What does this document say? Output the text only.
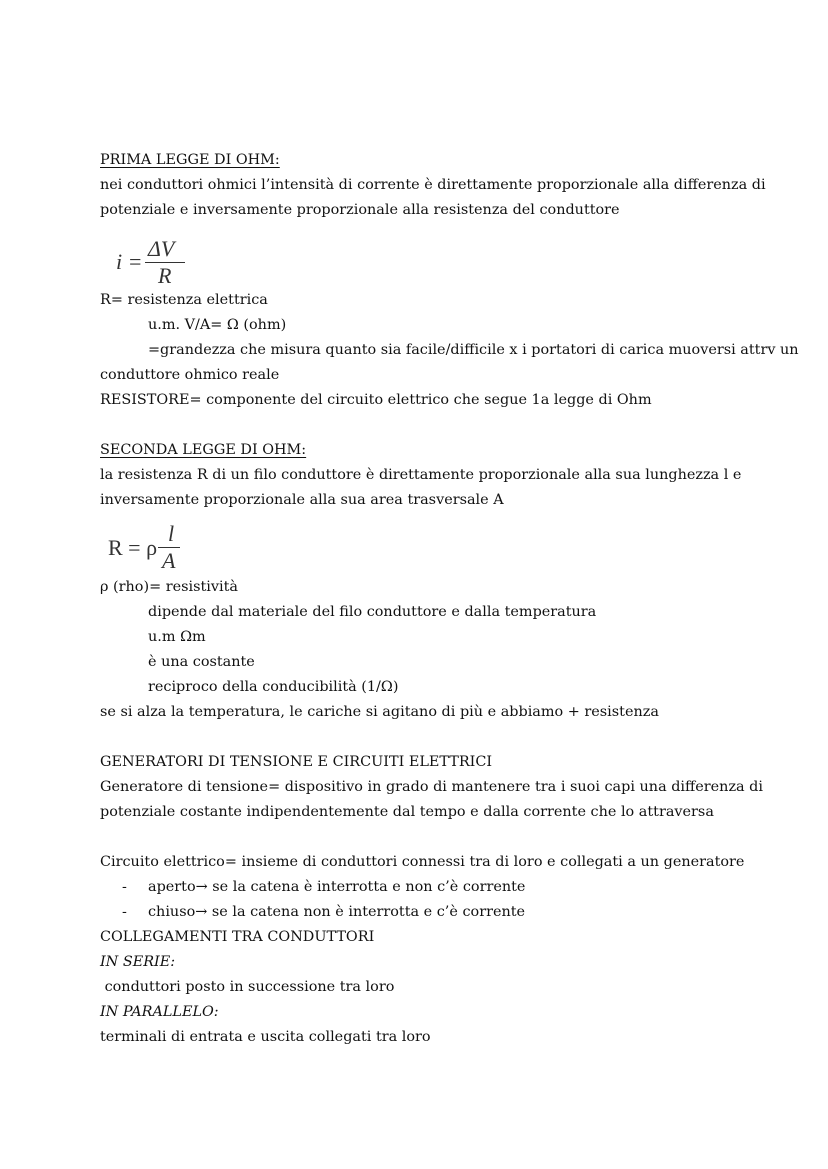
PRIMA LEGGE DI OHM:
nei conduttori ohmici l’intensità di corrente è direttamente proporzionale alla differenza di
potenziale e inversamente proporzionale alla resistenza del conduttore
i =
ΔV
R
R= resistenza elettrica
u.m. V/A= Ω (ohm)
=grandezza che misura quanto sia facile/difficile x i portatori di carica muoversi attrv un
conduttore ohmico reale
RESISTORE= componente del circuito elettrico che segue 1a legge di Ohm
SECONDA LEGGE DI OHM:
la resistenza R di un filo conduttore è direttamente proporzionale alla sua lunghezza l e
inversamente proporzionale alla sua area trasversale A
R = ρ
l
A
ρ (rho)= resistività
dipende dal materiale del filo conduttore e dalla temperatura
u.m Ωm
è una costante
reciproco della conducibilità (1/Ω)
se si alza la temperatura, le cariche si agitano di più e abbiamo + resistenza
GENERATORI DI TENSIONE E CIRCUITI ELETTRICI
Generatore di tensione= dispositivo in grado di mantenere tra i suoi capi una differenza di
potenziale costante indipendentemente dal tempo e dalla corrente che lo attraversa
Circuito elettrico= insieme di conduttori connessi tra di loro e collegati a un generatore
- aperto→ se la catena è interrotta e non c’è corrente
- chiuso→ se la catena non è interrotta e c’è corrente
COLLEGAMENTI TRA CONDUTTORI
IN SERIE:
conduttori posto in successione tra loro
IN PARALLELO:
terminali di entrata e uscita collegati tra loro
